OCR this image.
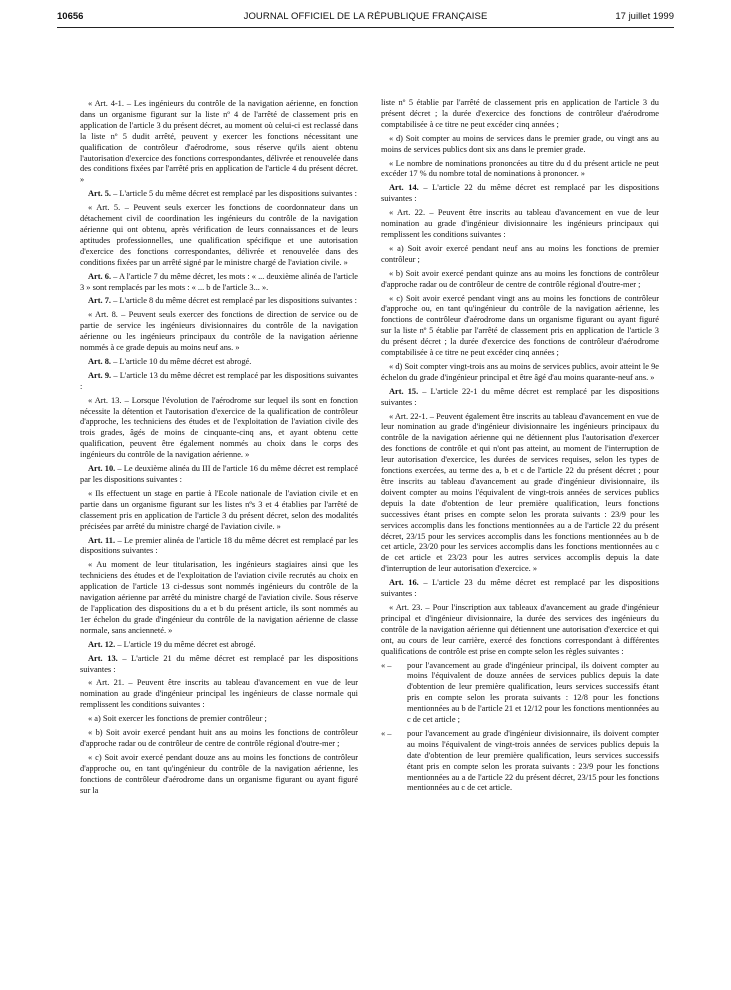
10656	JOURNAL OFFICIEL DE LA RÉPUBLIQUE FRANÇAISE	17 juillet 1999

« Art. 4-1. – Les ingénieurs du contrôle de la navigation aérienne, en fonction dans un organisme figurant sur la liste nº 4 de l'arrêté de classement pris en application de l'article 3 du présent décret, au moment où celui-ci est reclassé dans la liste nº 5 dudit arrêté, peuvent y exercer les fonctions nécessitant une qualification de contrôleur d'aérodrome, sous réserve qu'ils aient obtenu l'autorisation d'exercice des fonctions correspondantes, délivrée et renouvelée dans des conditions fixées par l'arrêté pris en application de l'article 4 du présent décret. »

Art. 5. – L'article 5 du même décret est remplacé par les dispositions suivantes :

« Art. 5. – Peuvent seuls exercer les fonctions de coordonnateur dans un détachement civil de coordination les ingénieurs du contrôle de la navigation aérienne qui ont obtenu, après vérification de leurs connaissances et de leurs aptitudes professionnelles, une qualification spécifique et une autorisation d'exercice des fonctions correspondantes, délivrée et renouvelée dans des conditions fixées par un arrêté signé par le ministre chargé de l'aviation civile. »

Art. 6. – A l'article 7 du même décret, les mots : « ... deuxième alinéa de l'article 3 » sont remplacés par les mots : « ... b de l'article 3... ».

Art. 7. – L'article 8 du même décret est remplacé par les dispositions suivantes :

« Art. 8. – Peuvent seuls exercer des fonctions de direction de service ou de partie de service les ingénieurs divisionnaires du contrôle de la navigation aérienne ou les ingénieurs principaux du contrôle de la navigation aérienne nommés à ce grade depuis au moins neuf ans. »

Art. 8. – L'article 10 du même décret est abrogé.

Art. 9. – L'article 13 du même décret est remplacé par les dispositions suivantes :

« Art. 13. – Lorsque l'évolution de l'aérodrome sur lequel ils sont en fonction nécessite la détention et l'autorisation d'exercice de la qualification de contrôleur d'approche, les techniciens des études et de l'exploitation de l'aviation civile des trois grades, âgés de moins de cinquante-cinq ans, et ayant obtenu cette qualification, peuvent être également nommés au choix dans le corps des ingénieurs du contrôle de la navigation aérienne. »

Art. 10. – Le deuxième alinéa du III de l'article 16 du même décret est remplacé par les dispositions suivantes :

« Ils effectuent un stage en partie à l'Ecole nationale de l'aviation civile et en partie dans un organisme figurant sur les listes nºs 3 et 4 établies par l'arrêté de classement pris en application de l'article 3 du présent décret, selon des modalités précisées par arrêté du ministre chargé de l'aviation civile. »

Art. 11. – Le premier alinéa de l'article 18 du même décret est remplacé par les dispositions suivantes :

« Au moment de leur titularisation, les ingénieurs stagiaires ainsi que les techniciens des études et de l'exploitation de l'aviation civile recrutés au choix en application de l'article 13 ci-dessus sont nommés ingénieurs du contrôle de la navigation aérienne par arrêté du ministre chargé de l'aviation civile. Sous réserve de l'application des dispositions du a et b du présent article, ils sont nommés au 1er échelon du grade d'ingénieur du contrôle de la navigation aérienne de classe normale, sans ancienneté. »

Art. 12. – L'article 19 du même décret est abrogé.

Art. 13. – L'article 21 du même décret est remplacé par les dispositions suivantes :

« Art. 21. – Peuvent être inscrits au tableau d'avancement en vue de leur nomination au grade d'ingénieur principal les ingénieurs de classe normale qui remplissent les conditions suivantes :

« a) Soit exercer les fonctions de premier contrôleur ;

« b) Soit avoir exercé pendant huit ans au moins les fonctions de contrôleur d'approche radar ou de contrôleur de centre de contrôle régional d'outre-mer ;

« c) Soit avoir exercé pendant douze ans au moins les fonctions de contrôleur d'approche ou, en tant qu'ingénieur du contrôle de la navigation aérienne, les fonctions de contrôleur d'aérodrome dans un organisme figurant ou ayant figuré sur la

liste nº 5 établie par l'arrêté de classement pris en application de l'article 3 du présent décret ; la durée d'exercice des fonctions de contrôleur d'aérodrome comptabilisée à ce titre ne peut excéder cinq années ;

« d) Soit compter au moins de services dans le premier grade, ou vingt ans au moins de services publics dont six ans dans le premier grade.

« Le nombre de nominations prononcées au titre du d du présent article ne peut excéder 17 % du nombre total de nominations à prononcer. »

Art. 14. – L'article 22 du même décret est remplacé par les dispositions suivantes :

« Art. 22. – Peuvent être inscrits au tableau d'avancement en vue de leur nomination au grade d'ingénieur divisionnaire les ingénieurs principaux qui remplissent les conditions suivantes :

« a) Soit avoir exercé pendant neuf ans au moins les fonctions de premier contrôleur ;

« b) Soit avoir exercé pendant quinze ans au moins les fonctions de contrôleur d'approche radar ou de contrôleur de centre de contrôle régional d'outre-mer ;

« c) Soit avoir exercé pendant vingt ans au moins les fonctions de contrôleur d'approche ou, en tant qu'ingénieur du contrôle de la navigation aérienne, les fonctions de contrôleur d'aérodrome dans un organisme figurant ou ayant figuré sur la liste nº 5 établie par l'arrêté de classement pris en application de l'article 3 du présent décret ; la durée d'exercice des fonctions de contrôleur d'aérodrome comptabilisée à ce titre ne peut excéder cinq années ;

« d) Soit compter vingt-trois ans au moins de services publics, avoir atteint le 9e échelon du grade d'ingénieur principal et être âgé d'au moins quarante-neuf ans. »

Art. 15. – L'article 22-1 du même décret est remplacé par les dispositions suivantes :

« Art. 22-1. – Peuvent également être inscrits au tableau d'avancement en vue de leur nomination au grade d'ingénieur divisionnaire les ingénieurs principaux du contrôle de la navigation aérienne qui ne détiennent plus l'autorisation d'exercer des fonctions de contrôle et qui n'ont pas atteint, au moment de l'interruption de leur autorisation d'exercice, les durées de services requises, selon les types de fonctions exercées, au terme des a, b et c de l'article 22 du présent décret ; pour être inscrits au tableau d'avancement au grade d'ingénieur divisionnaire, ils doivent compter au moins l'équivalent de vingt-trois années de services publics depuis la date d'obtention de leur première qualification, leurs fonctions successives étant prises en compte selon les prorata suivants : 23/9 pour les services accomplis dans les fonctions mentionnées au a de l'article 22 du présent décret, 23/15 pour les services accomplis dans les fonctions mentionnées au b de cet article, 23/20 pour les services accomplis dans les fonctions mentionnées au c de cet article et 23/23 pour les autres services accomplis depuis la date d'interruption de leur autorisation d'exercice. »

Art. 16. – L'article 23 du même décret est remplacé par les dispositions suivantes :

« Art. 23. – Pour l'inscription aux tableaux d'avancement au grade d'ingénieur principal et d'ingénieur divisionnaire, la durée des services des ingénieurs du contrôle de la navigation aérienne qui détiennent une autorisation d'exercice et qui ont, au cours de leur carrière, exercé des fonctions correspondant à différentes qualifications de contrôle est prise en compte selon les règles suivantes :

« – pour l'avancement au grade d'ingénieur principal, ils doivent compter au moins l'équivalent de douze années de services publics depuis la date d'obtention de leur première qualification, leurs services successifs étant pris en compte selon les prorata suivants : 12/8 pour les fonctions mentionnées au b de l'article 21 et 12/12 pour les fonctions mentionnées au c de cet article ;
« – pour l'avancement au grade d'ingénieur divisionnaire, ils doivent compter au moins l'équivalent de vingt-trois années de services publics depuis la date d'obtention de leur première qualification, leurs services successifs étant pris en compte selon les prorata suivants : 23/9 pour les fonctions mentionnées au a de l'article 22 du présent décret, 23/15 pour les fonctions mentionnées au c de cet article.
